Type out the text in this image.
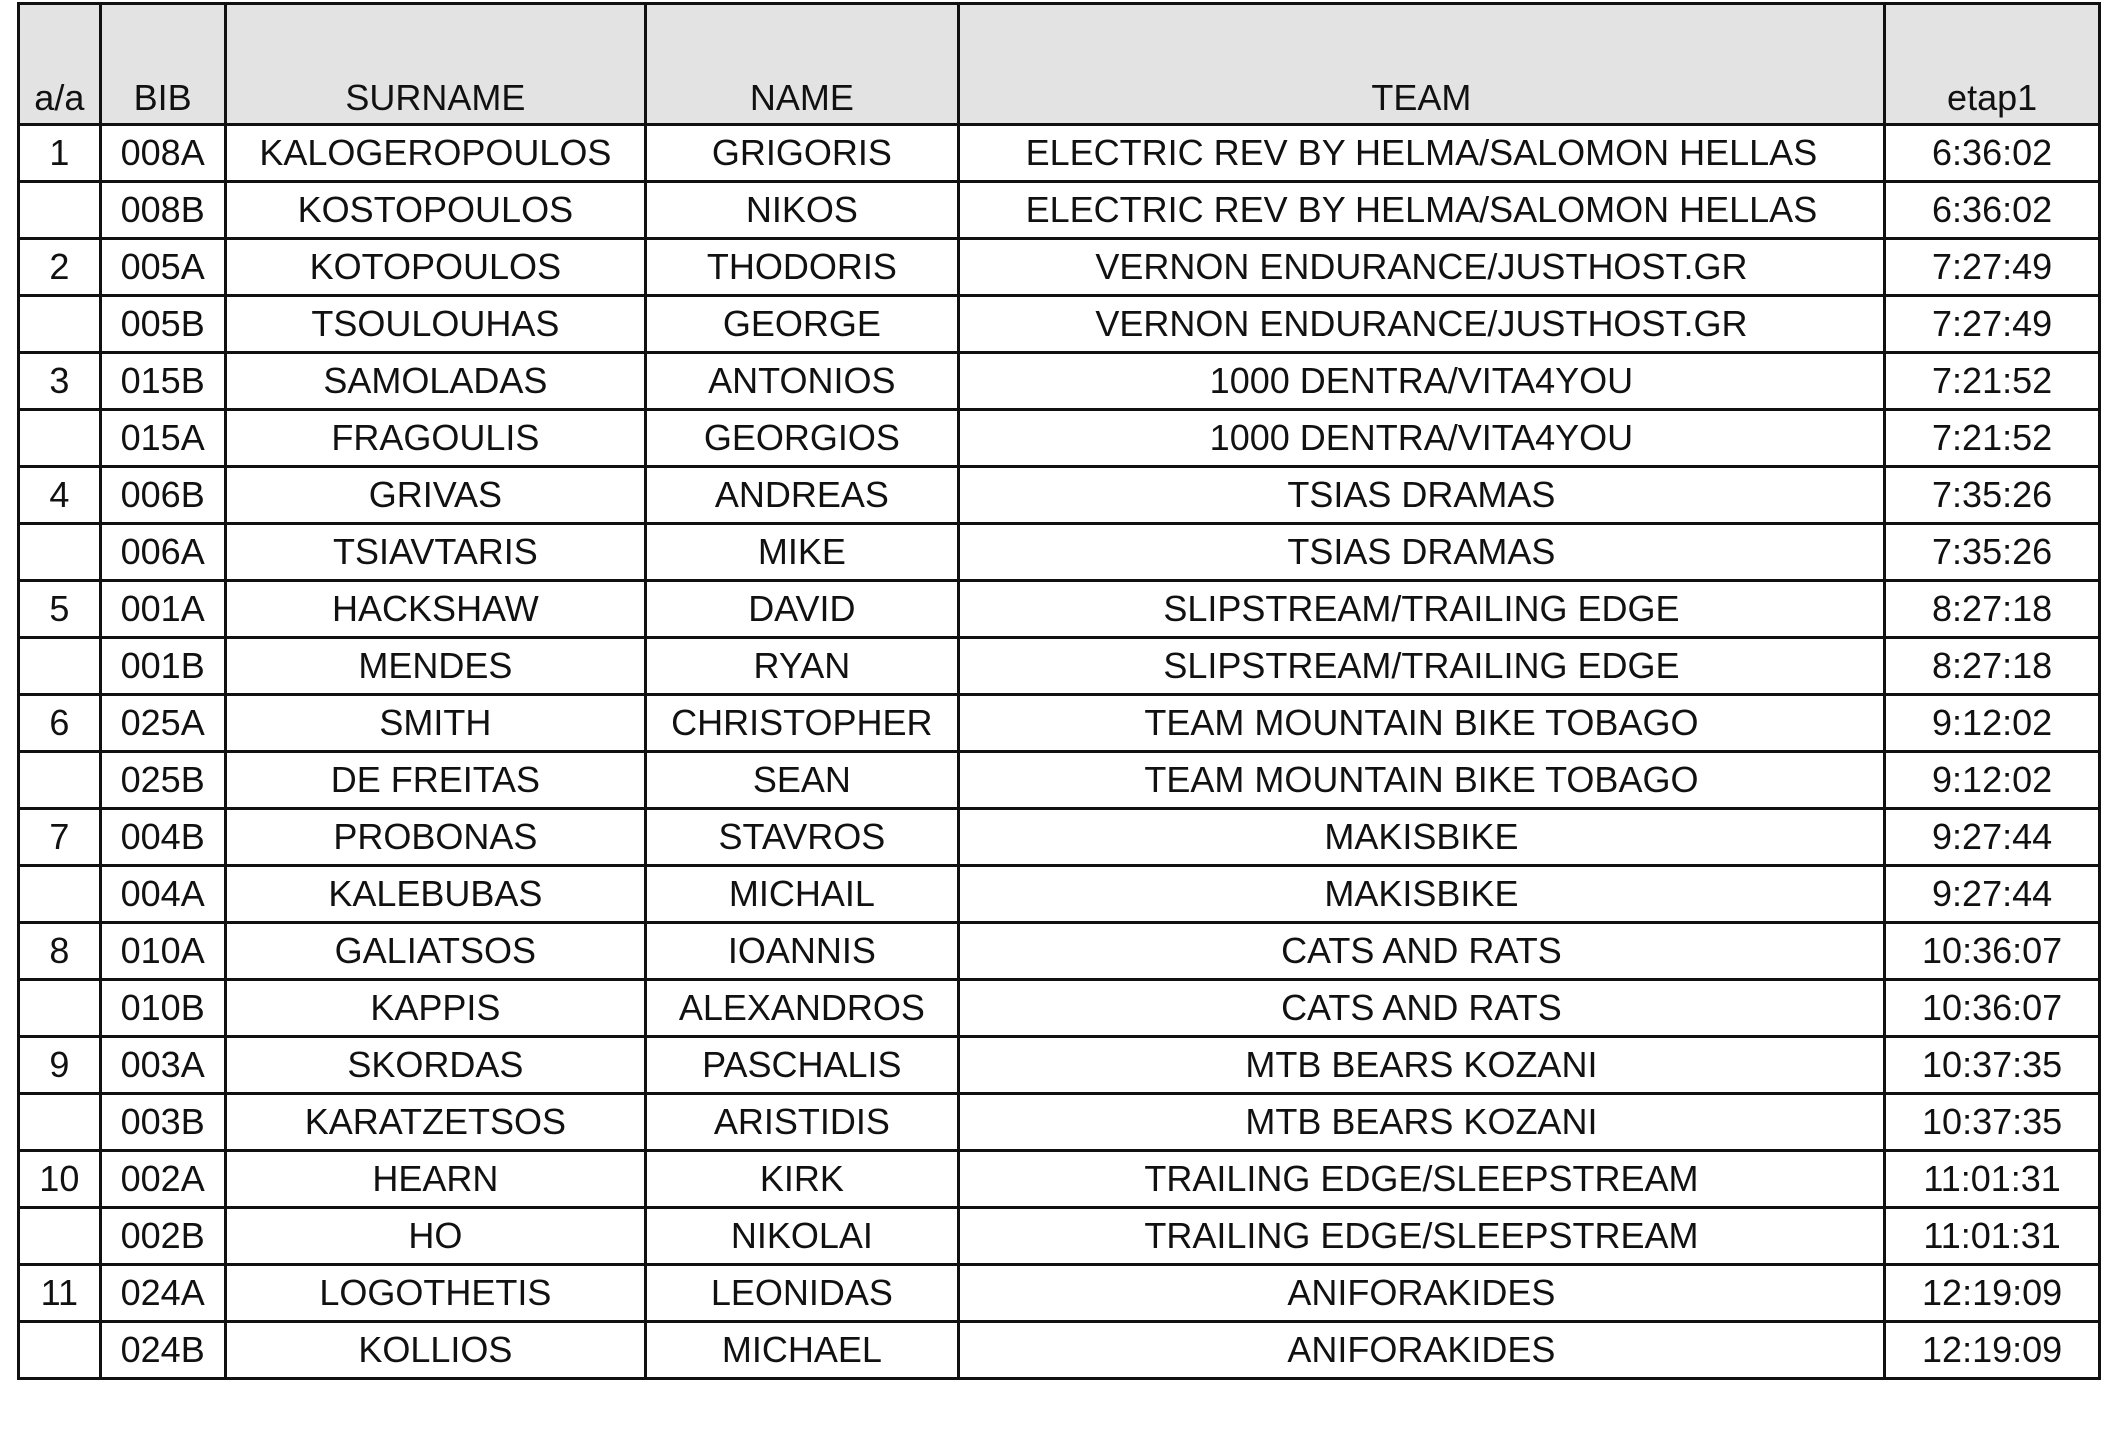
a/a	BIB	SURNAME	NAME	TEAM	etap1
1	008A	KALOGEROPOULOS	GRIGORIS	ELECTRIC REV BY HELMA/SALOMON HELLAS	6:36:02
	008B	KOSTOPOULOS	NIKOS	ELECTRIC REV BY HELMA/SALOMON HELLAS	6:36:02
2	005A	KOTOPOULOS	THODORIS	VERNON ENDURANCE/JUSTHOST.GR	7:27:49
	005B	TSOULOUHAS	GEORGE	VERNON ENDURANCE/JUSTHOST.GR	7:27:49
3	015B	SAMOLADAS	ANTONIOS	1000 DENTRA/VITA4YOU	7:21:52
	015A	FRAGOULIS	GEORGIOS	1000 DENTRA/VITA4YOU	7:21:52
4	006B	GRIVAS	ANDREAS	TSIAS DRAMAS	7:35:26
	006A	TSIAVTARIS	MIKE	TSIAS DRAMAS	7:35:26
5	001A	HACKSHAW	DAVID	SLIPSTREAM/TRAILING EDGE	8:27:18
	001B	MENDES	RYAN	SLIPSTREAM/TRAILING EDGE	8:27:18
6	025A	SMITH	CHRISTOPHER	TEAM MOUNTAIN BIKE TOBAGO	9:12:02
	025B	DE FREITAS	SEAN	TEAM MOUNTAIN BIKE TOBAGO	9:12:02
7	004B	PROBONAS	STAVROS	MAKISBIKE	9:27:44
	004A	KALEBUBAS	MICHAIL	MAKISBIKE	9:27:44
8	010A	GALIATSOS	IOANNIS	CATS AND RATS	10:36:07
	010B	KAPPIS	ALEXANDROS	CATS AND RATS	10:36:07
9	003A	SKORDAS	PASCHALIS	MTB BEARS KOZANI	10:37:35
	003B	KARATZETSOS	ARISTIDIS	MTB BEARS KOZANI	10:37:35
10	002A	HEARN	KIRK	TRAILING EDGE/SLEEPSTREAM	11:01:31
	002B	HO	NIKOLAI	TRAILING EDGE/SLEEPSTREAM	11:01:31
11	024A	LOGOTHETIS	LEONIDAS	ANIFORAKIDES	12:19:09
	024B	KOLLIOS	MICHAEL	ANIFORAKIDES	12:19:09
